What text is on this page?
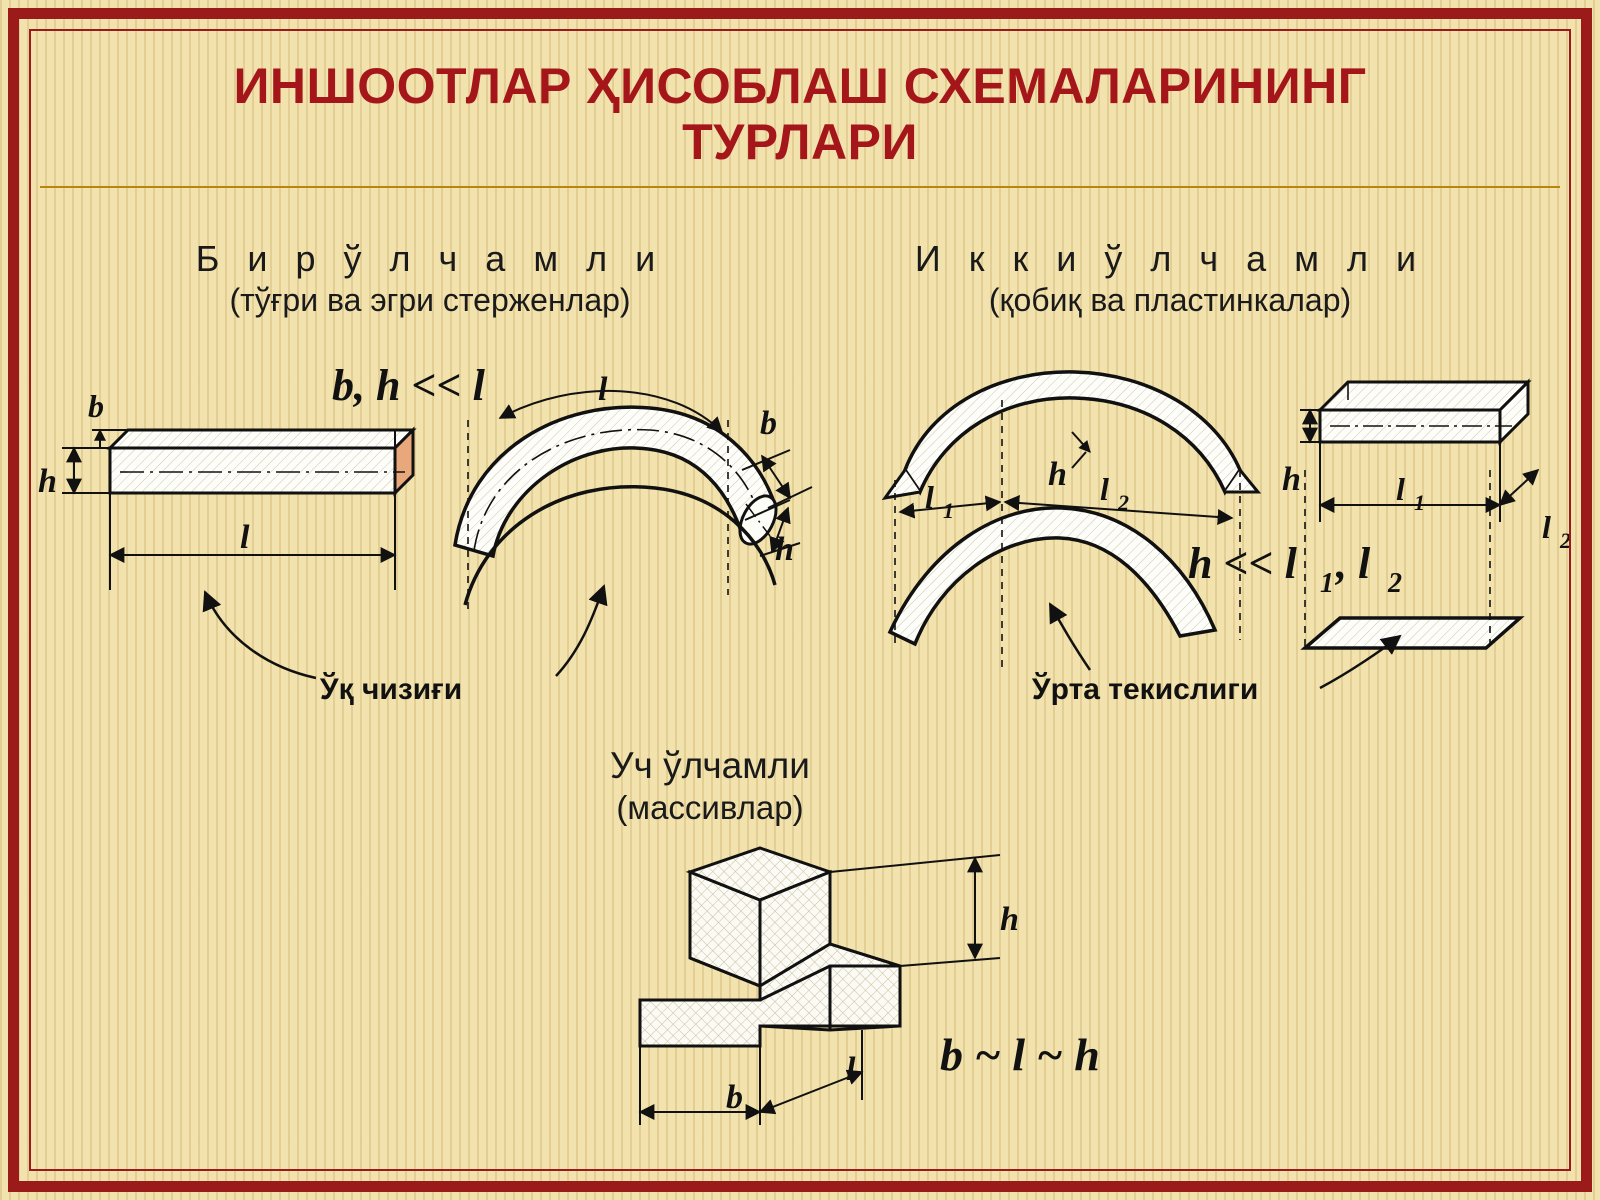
ИНШООТЛАР ҲИСОБЛАШ СХЕМАЛАРИНИНГ ТУРЛАРИ
Б и р ў л ч а м л и
(тўғри ва эгри стерженлар)
И к к и ў л ч а м л и
(қобиқ ва пластинкалар)
Уч ўлчамли
(массивлар)
Ўқ чизиғи	Ўрта текислиги
b
h
l
b, h << l	l
b
h
h
l 1
l 2
h	l 1
l 2
h << l 1 , l 2
h
b
l b ~ l ~ h
